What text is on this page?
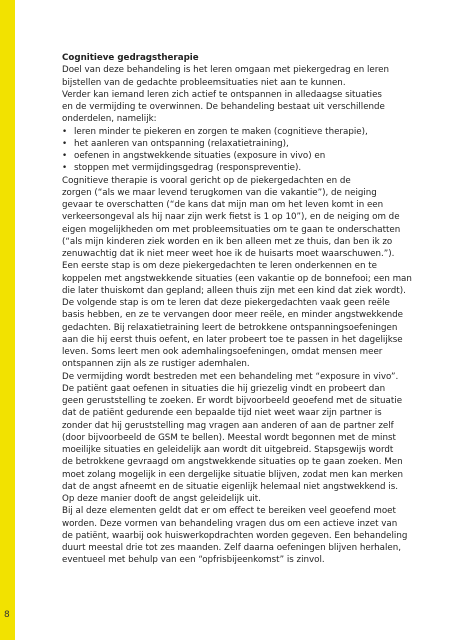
Cognitieve gedragstherapie
Doel van deze behandeling is het leren omgaan met piekergedrag en leren
bijstellen van de gedachte probleemsituaties niet aan te kunnen.
Verder kan iemand leren zich actief te ontspannen in alledaagse situaties
en de vermijding te overwinnen. De behandeling bestaat uit verschillende
onderdelen, namelijk:
• leren minder te piekeren en zorgen te maken (cognitieve therapie),
• het aanleren van ontspanning (relaxatietraining),
• oefenen in angstwekkende situaties (exposure in vivo) en
• stoppen met vermijdingsgedrag (responspreventie).
Cognitieve therapie is vooral gericht op de piekergedachten en de
zorgen (“als we maar levend terugkomen van die vakantie”), de neiging
gevaar te overschatten (“de kans dat mijn man om het leven komt in een
verkeersongeval als hij naar zijn werk fietst is 1 op 10”), en de neiging om de
eigen mogelijkheden om met probleemsituaties om te gaan te onderschatten
(“als mijn kinderen ziek worden en ik ben alleen met ze thuis, dan ben ik zo
zenuwachtig dat ik niet meer weet hoe ik de huisarts moet waarschuwen.”).
Een eerste stap is om deze piekergedachten te leren onderkennen en te
koppelen met angstwekkende situaties (een vakantie op de bonnefooi; een man
die later thuiskomt dan gepland; alleen thuis zijn met een kind dat ziek wordt).
De volgende stap is om te leren dat deze piekergedachten vaak geen reële
basis hebben, en ze te vervangen door meer reële, en minder angstwekkende
gedachten. Bij relaxatietraining leert de betrokkene ontspanningsoefeningen
aan die hij eerst thuis oefent, en later probeert toe te passen in het dagelijkse
leven. Soms leert men ook ademhalingsoefeningen, omdat mensen meer
ontspannen zijn als ze rustiger ademhalen.
De vermijding wordt bestreden met een behandeling met “exposure in vivo”.
De patiënt gaat oefenen in situaties die hij griezelig vindt en probeert dan
geen geruststelling te zoeken. Er wordt bijvoorbeeld geoefend met de situatie
dat de patiënt gedurende een bepaalde tijd niet weet waar zijn partner is
zonder dat hij geruststelling mag vragen aan anderen of aan de partner zelf
(door bijvoorbeeld de GSM te bellen). Meestal wordt begonnen met de minst
moeilijke situaties en geleidelijk aan wordt dit uitgebreid. Stapsgewijs wordt
de betrokkene gevraagd om angstwekkende situaties op te gaan zoeken. Men
moet zolang mogelijk in een dergelijke situatie blijven, zodat men kan merken
dat de angst afneemt en de situatie eigenlijk helemaal niet angstwekkend is.
Op deze manier dooft de angst geleidelijk uit.
Bij al deze elementen geldt dat er om effect te bereiken veel geoefend moet
worden. Deze vormen van behandeling vragen dus om een actieve inzet van
de patiënt, waarbij ook huiswerkopdrachten worden gegeven. Een behandeling
duurt meestal drie tot zes maanden. Zelf daarna oefeningen blijven herhalen,
eventueel met behulp van een “opfrisbijeenkomst” is zinvol.
8
